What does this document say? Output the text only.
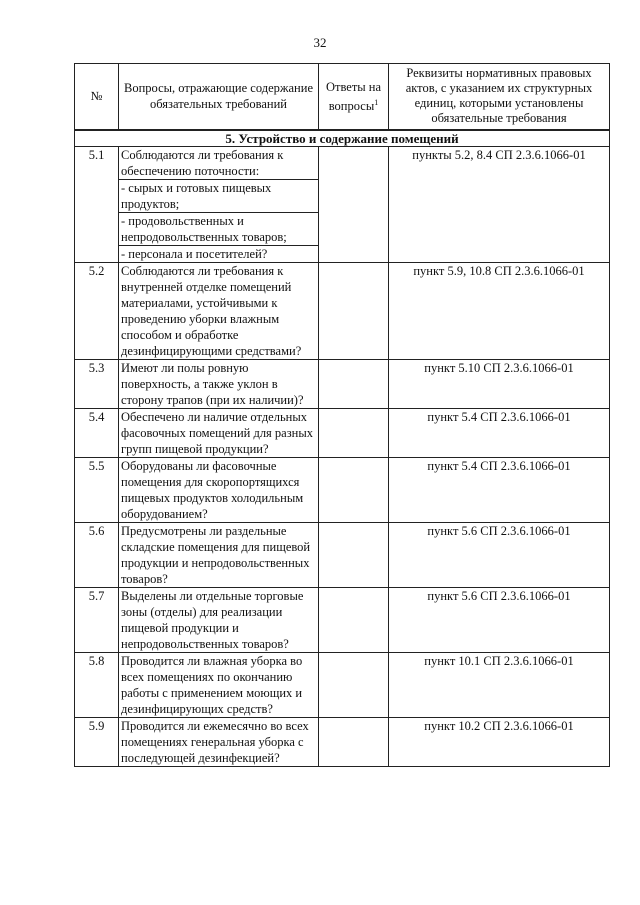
32
№	Вопросы, отражающие содержание обязательных требований	Ответы на вопросы$^1$	Реквизиты нормативных правовых актов, с указанием их структурных единиц, которыми установлены обязательные требования
5. Устройство и содержание помещений			
5.1	Соблюдаются ли требования к обеспечению поточности:		пункты 5.2, 8.4 СП 2.3.6.1066-01
	- сырых и готовых пищевых продуктов;		
	- продовольственных и непродовольственных товаров;		
	- персонала и посетителей?		
5.2	Соблюдаются ли требования к внутренней отделке помещений материалами, устойчивыми к проведению уборки влажным способом и обработке дезинфицирующими средствами?		пункт 5.9, 10.8 СП 2.3.6.1066-01
5.3	Имеют ли полы ровную поверхность, а также уклон в сторону трапов (при их наличии)?		пункт 5.10 СП 2.3.6.1066-01
5.4	Обеспечено ли наличие отдельных фасовочных помещений для разных групп пищевой продукции?		пункт 5.4 СП 2.3.6.1066-01
5.5	Оборудованы ли фасовочные помещения для скоропортящихся пищевых продуктов холодильным оборудованием?		пункт 5.4 СП 2.3.6.1066-01
5.6	Предусмотрены ли раздельные складские помещения для пищевой продукции и непродовольственных товаров?		пункт 5.6 СП 2.3.6.1066-01
5.7	Выделены ли отдельные торговые зоны (отделы) для реализации пищевой продукции и непродовольственных товаров?		пункт 5.6 СП 2.3.6.1066-01
5.8	Проводится ли влажная уборка во всех помещениях по окончанию работы с применением моющих и дезинфицирующих средств?		пункт 10.1 СП 2.3.6.1066-01
5.9	Проводится ли ежемесячно во всех помещениях генеральная уборка с последующей дезинфекцией?		пункт 10.2 СП 2.3.6.1066-01
